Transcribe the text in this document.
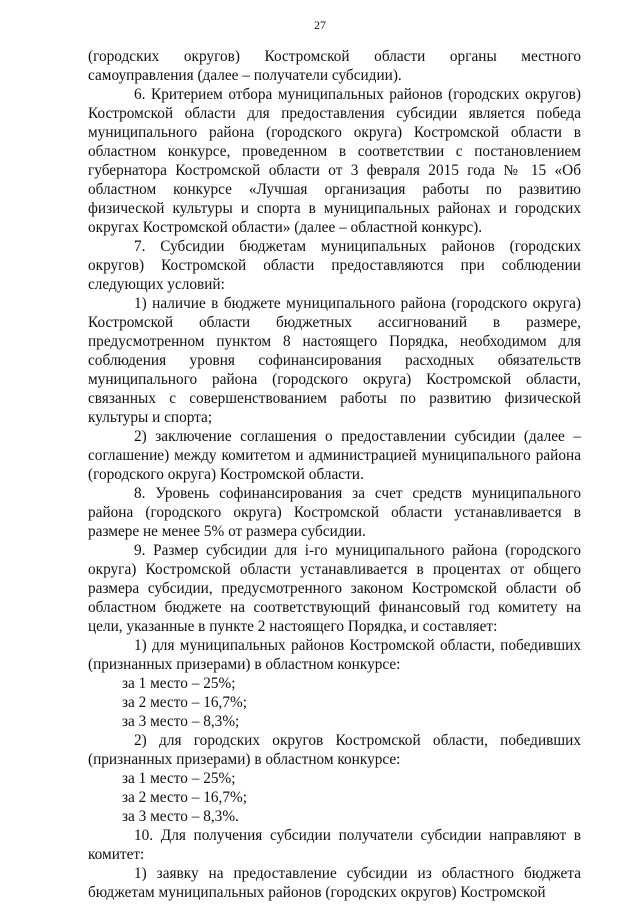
27

(городских округов) Костромской области органы местного самоуправления (далее – получатели субсидии).

6. Критерием отбора муниципальных районов (городских округов) Костромской области для предоставления субсидии является победа муниципального района (городского округа) Костромской области в областном конкурсе, проведенном в соответствии с постановлением губернатора Костромской области от 3 февраля 2015 года № 15 «Об областном конкурсе «Лучшая организация работы по развитию физической культуры и спорта в муниципальных районах и городских округах Костромской области» (далее – областной конкурс).

7. Субсидии бюджетам муниципальных районов (городских округов) Костромской области предоставляются при соблюдении следующих условий:

1) наличие в бюджете муниципального района (городского округа) Костромской области бюджетных ассигнований в размере, предусмотренном пунктом 8 настоящего Порядка, необходимом для соблюдения уровня софинансирования расходных обязательств муниципального района (городского округа) Костромской области, связанных с совершенствованием работы по развитию физической культуры и спорта;

2) заключение соглашения о предоставлении субсидии (далее – соглашение) между комитетом и администрацией муниципального района (городского округа) Костромской области.

8. Уровень софинансирования за счет средств муниципального района (городского округа) Костромской области устанавливается в размере не менее 5% от размера субсидии.

9. Размер субсидии для i-го муниципального района (городского округа) Костромской области устанавливается в процентах от общего размера субсидии, предусмотренного законом Костромской области об областном бюджете на соответствующий финансовый год комитету на цели, указанные в пункте 2 настоящего Порядка, и составляет:

1) для муниципальных районов Костромской области, победивших (признанных призерами) в областном конкурсе:

за 1 место – 25%;

за 2 место – 16,7%;

за 3 место – 8,3%;

2) для городских округов Костромской области, победивших (признанных призерами) в областном конкурсе:

за 1 место – 25%;

за 2 место – 16,7%;

за 3 место – 8,3%.

10. Для получения субсидии получатели субсидии направляют в комитет:

1) заявку на предоставление субсидии из областного бюджета бюджетам муниципальных районов (городских округов) Костромской
